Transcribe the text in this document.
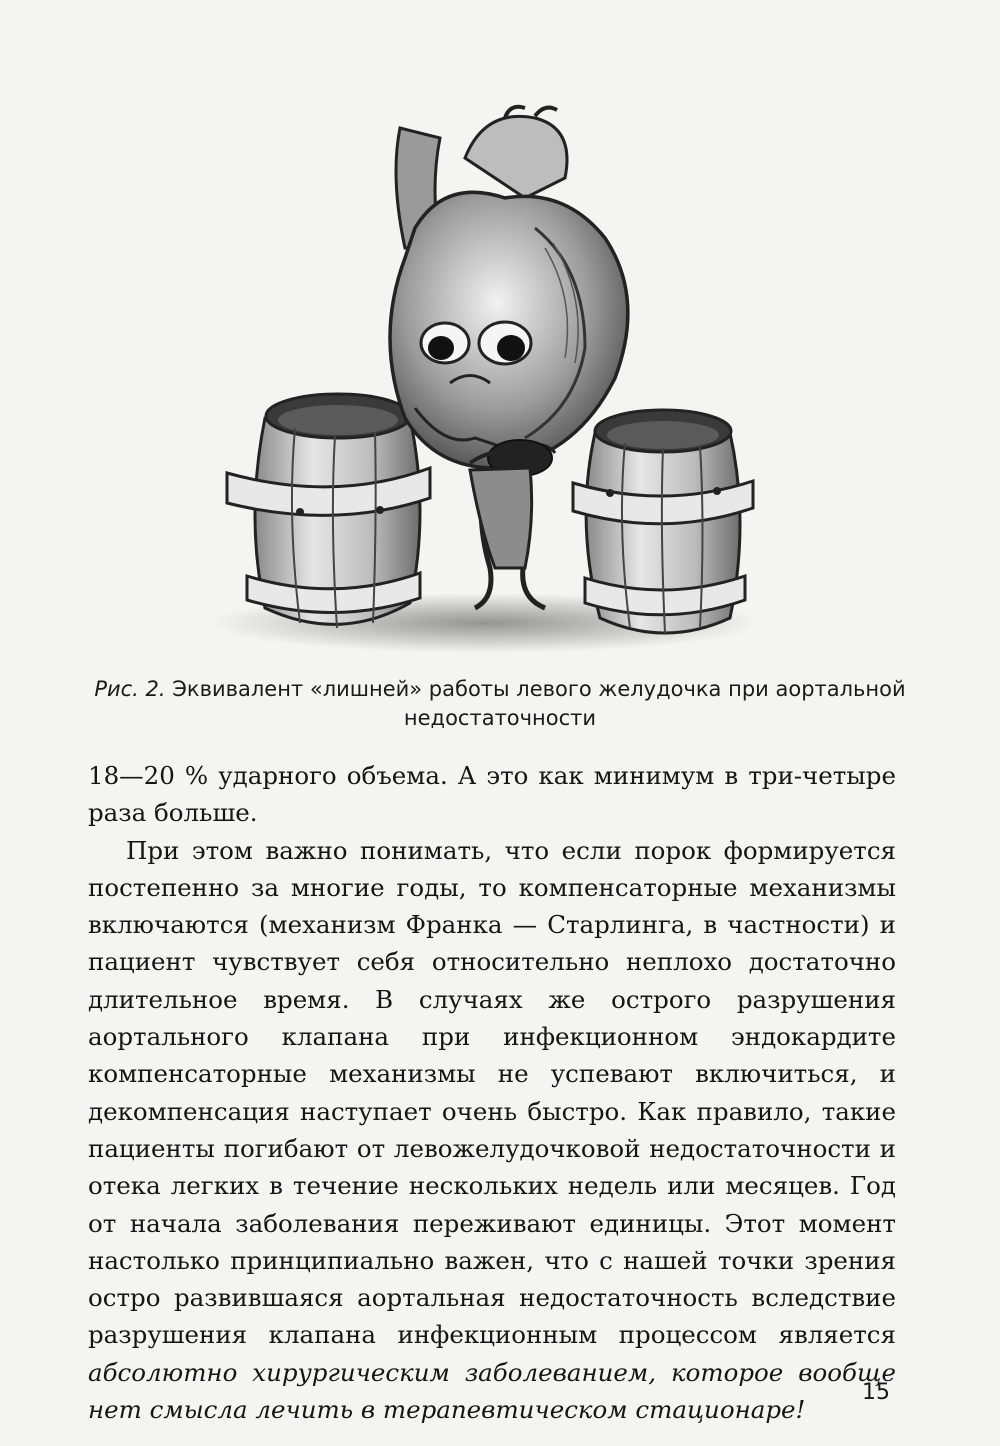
Рис. 2. Эквивалент «лишней» работы левого желудочка при аортальной недостаточности

18—20 % ударного объема. А это как минимум в три-четыре раза больше.

При этом важно понимать, что если порок формируется постепенно за многие годы, то компенсаторные механизмы включаются (механизм Франка — Старлинга, в частности) и пациент чувствует себя относительно неплохо достаточно длительное время. В случаях же острого разрушения аортального клапана при инфекционном эндокардите компенсаторные механизмы не успевают включиться, и декомпенсация наступает очень быстро. Как правило, такие пациенты погибают от левожелудочковой недостаточности и отека легких в течение нескольких недель или месяцев. Год от начала заболевания переживают единицы. Этот момент настолько принципиально важен, что с нашей точки зрения остро развившаяся аортальная недостаточность вследствие разрушения клапана инфекционным процессом является абсолютно хирургическим заболеванием, которое вообще нет смысла лечить в терапевтическом стационаре!

15
